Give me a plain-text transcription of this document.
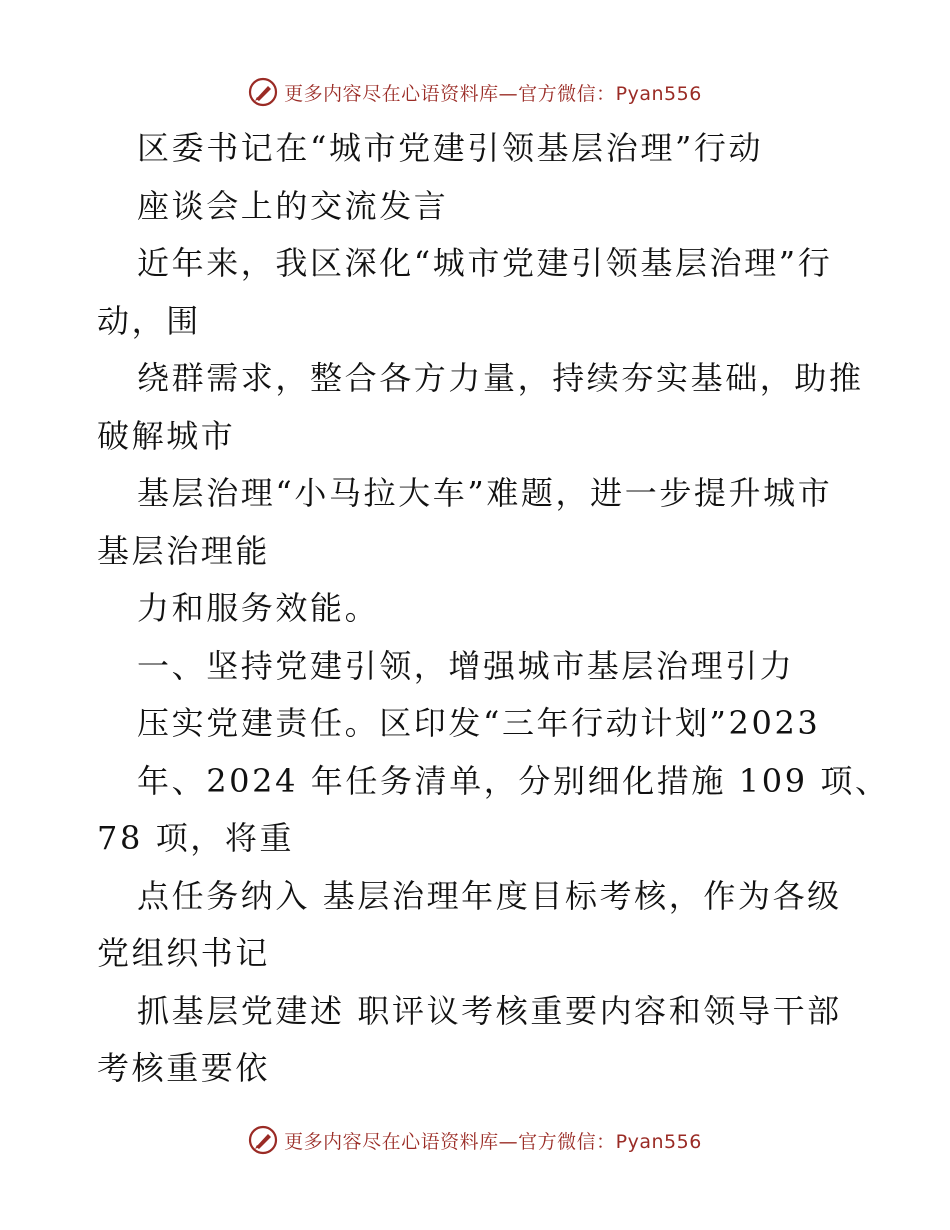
更多内容尽在心语资料库—官方微信：Pyan556
区委书记在“城市党建引领基层治理”行动
座谈会上的交流发言
近年来，我区深化“城市党建引领基层治理”行
动，围
绕群需求，整合各方力量，持续夯实基础，助推
破解城市
基层治理“小马拉大车”难题，进一步提升城市
基层治理能
力和服务效能。
一、坚持党建引领，增强城市基层治理引力
压实党建责任。区印发“三年行动计划”2023
年、2024 年任务清单，分别细化措施 109 项、
78 项，将重
点任务纳入 基层治理年度目标考核，作为各级
党组织书记
抓基层党建述 职评议考核重要内容和领导干部
考核重要依
更多内容尽在心语资料库—官方微信：Pyan556
